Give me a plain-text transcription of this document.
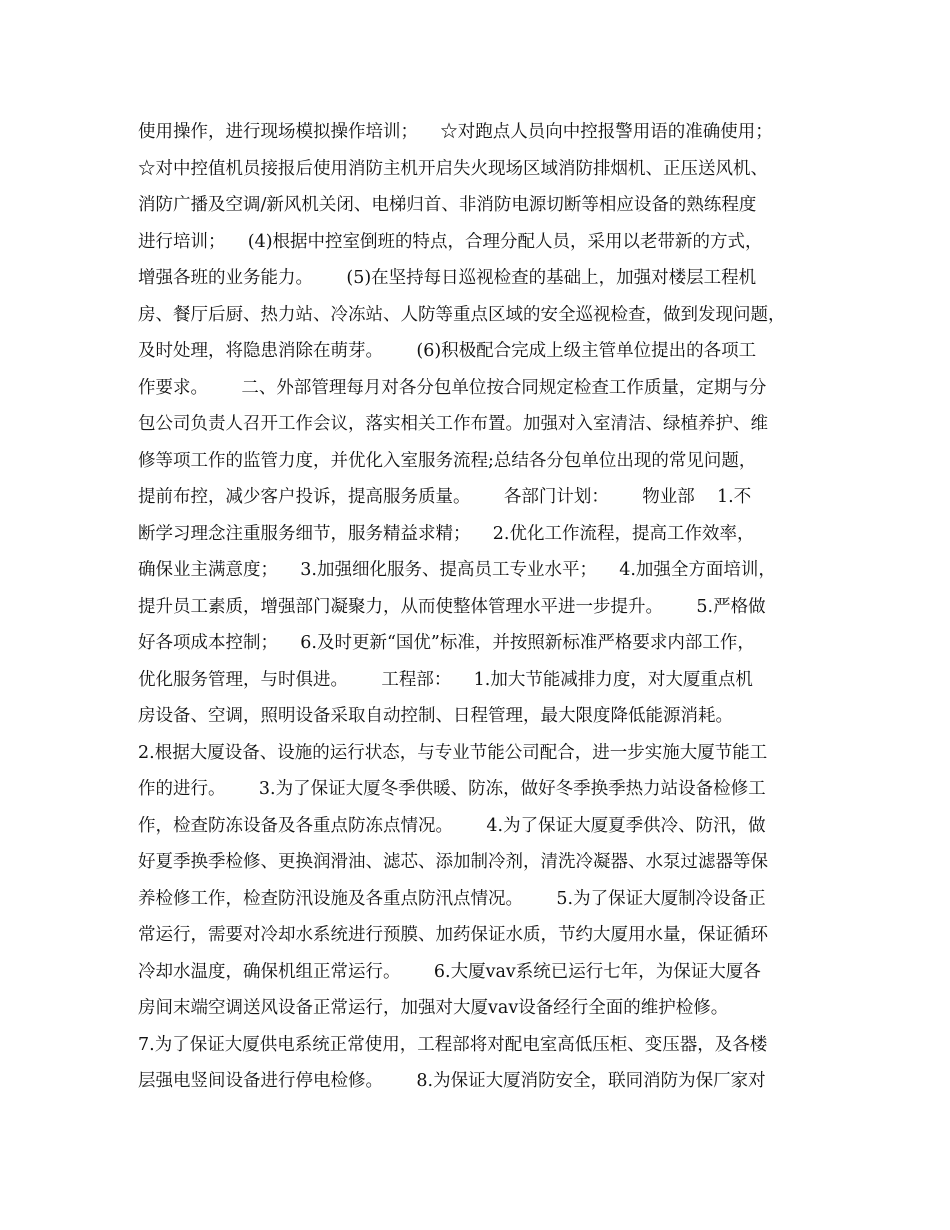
使用操作，进行现场模拟操作培训；    ☆对跑点人员向中控报警用语的准确使用；
☆对中控值机员接报后使用消防主机开启失火现场区域消防排烟机、正压送风机、
消防广播及空调/新风机关闭、电梯归首、非消防电源切断等相应设备的熟练程度
进行培训；    (4)根据中控室倒班的特点，合理分配人员，采用以老带新的方式，
增强各班的业务能力。      (5)在坚持每日巡视检查的基础上，加强对楼层工程机
房、餐厅后厨、热力站、冷冻站、人防等重点区域的安全巡视检查，做到发现问题，
及时处理，将隐患消除在萌芽。      (6)积极配合完成上级主管单位提出的各项工
作要求。      二、外部管理每月对各分包单位按合同规定检查工作质量，定期与分
包公司负责人召开工作会议，落实相关工作布置。加强对入室清洁、绿植养护、维
修等项工作的监管力度，并优化入室服务流程;总结各分包单位出现的常见问题，
提前布控，减少客户投诉，提高服务质量。      各部门计划：      物业部    1.不
断学习理念注重服务细节，服务精益求精；    2.优化工作流程，提高工作效率，
确保业主满意度；    3.加强细化服务、提高员工专业水平；    4.加强全方面培训，
提升员工素质，增强部门凝聚力，从而使整体管理水平进一步提升。      5.严格做
好各项成本控制；    6.及时更新“国优”标准，并按照新标准严格要求内部工作，
优化服务管理，与时俱进。      工程部：    1.加大节能减排力度，对大厦重点机
房设备、空调，照明设备采取自动控制、日程管理，最大限度降低能源消耗。
2.根据大厦设备、设施的运行状态，与专业节能公司配合，进一步实施大厦节能工
作的进行。      3.为了保证大厦冬季供暖、防冻，做好冬季换季热力站设备检修工
作，检查防冻设备及各重点防冻点情况。      4.为了保证大厦夏季供冷、防汛，做
好夏季换季检修、更换润滑油、滤芯、添加制冷剂，清洗冷凝器、水泵过滤器等保
养检修工作，检查防汛设施及各重点防汛点情况。      5.为了保证大厦制冷设备正
常运行，需要对冷却水系统进行预膜、加药保证水质，节约大厦用水量，保证循环
冷却水温度，确保机组正常运行。      6.大厦vav系统已运行七年，为保证大厦各
房间末端空调送风设备正常运行，加强对大厦vav设备经行全面的维护检修。
7.为了保证大厦供电系统正常使用，工程部将对配电室高低压柜、变压器，及各楼
层强电竖间设备进行停电检修。      8.为保证大厦消防安全，联同消防为保厂家对
